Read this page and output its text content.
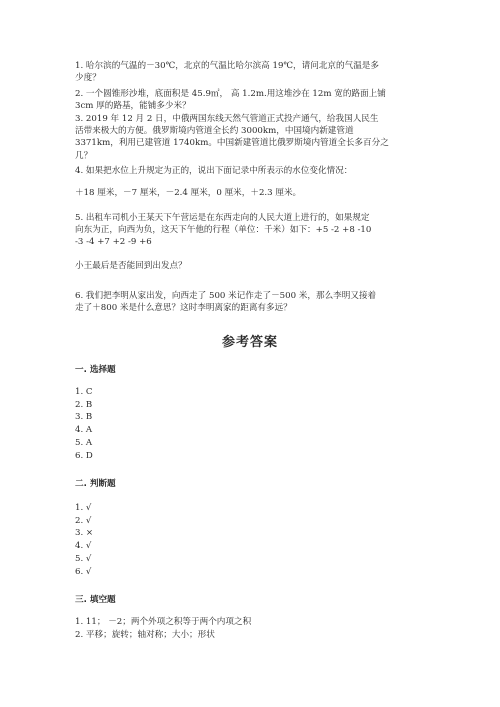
1. 哈尔滨的气温的－30℃，北京的气温比哈尔滨高 19℃，请问北京的气温是多

少度？

2. 一个圆锥形沙堆，底面积是 45.9㎡， 高 1.2m.用这堆沙在 12m 宽的路面上铺

3cm 厚的路基，能铺多少米？

3. 2019 年 12 月 2 日，中俄两国东线天然气管道正式投产通气，给我国人民生

活带来极大的方便。俄罗斯境内管道全长约 3000km，中国境内新建管道

3371km，利用已建管道 1740km。中国新建管道比俄罗斯境内管道全长多百分之

几？

4. 如果把水位上升规定为正的，说出下面记录中所表示的水位变化情况：

＋18 厘米，－7 厘米，－2.4 厘米，0 厘米，＋2.3 厘米。

5. 出租车司机小王某天下午营运是在东西走向的人民大道上进行的，如果规定

向东为正，向西为负，这天下午他的行程（单位：千米）如下：+5 -2 +8 -10

-3 -4 +7 +2 -9 +6

小王最后是否能回到出发点？

6. 我们把李明从家出发，向西走了 500 米记作走了－500 米，那么李明又接着

走了＋800 米是什么意思？这时李明离家的距离有多远？

参考答案
一. 选择题
1. C
2. B
3. B
4. A
5. A
6. D
二. 判断题
1. √
2. √
3. ×
4. √
5. √
6. √
三. 填空题
1. 11； －2；两个外项之积等于两个内项之积
2. 平移；旋转；轴对称；大小；形状
